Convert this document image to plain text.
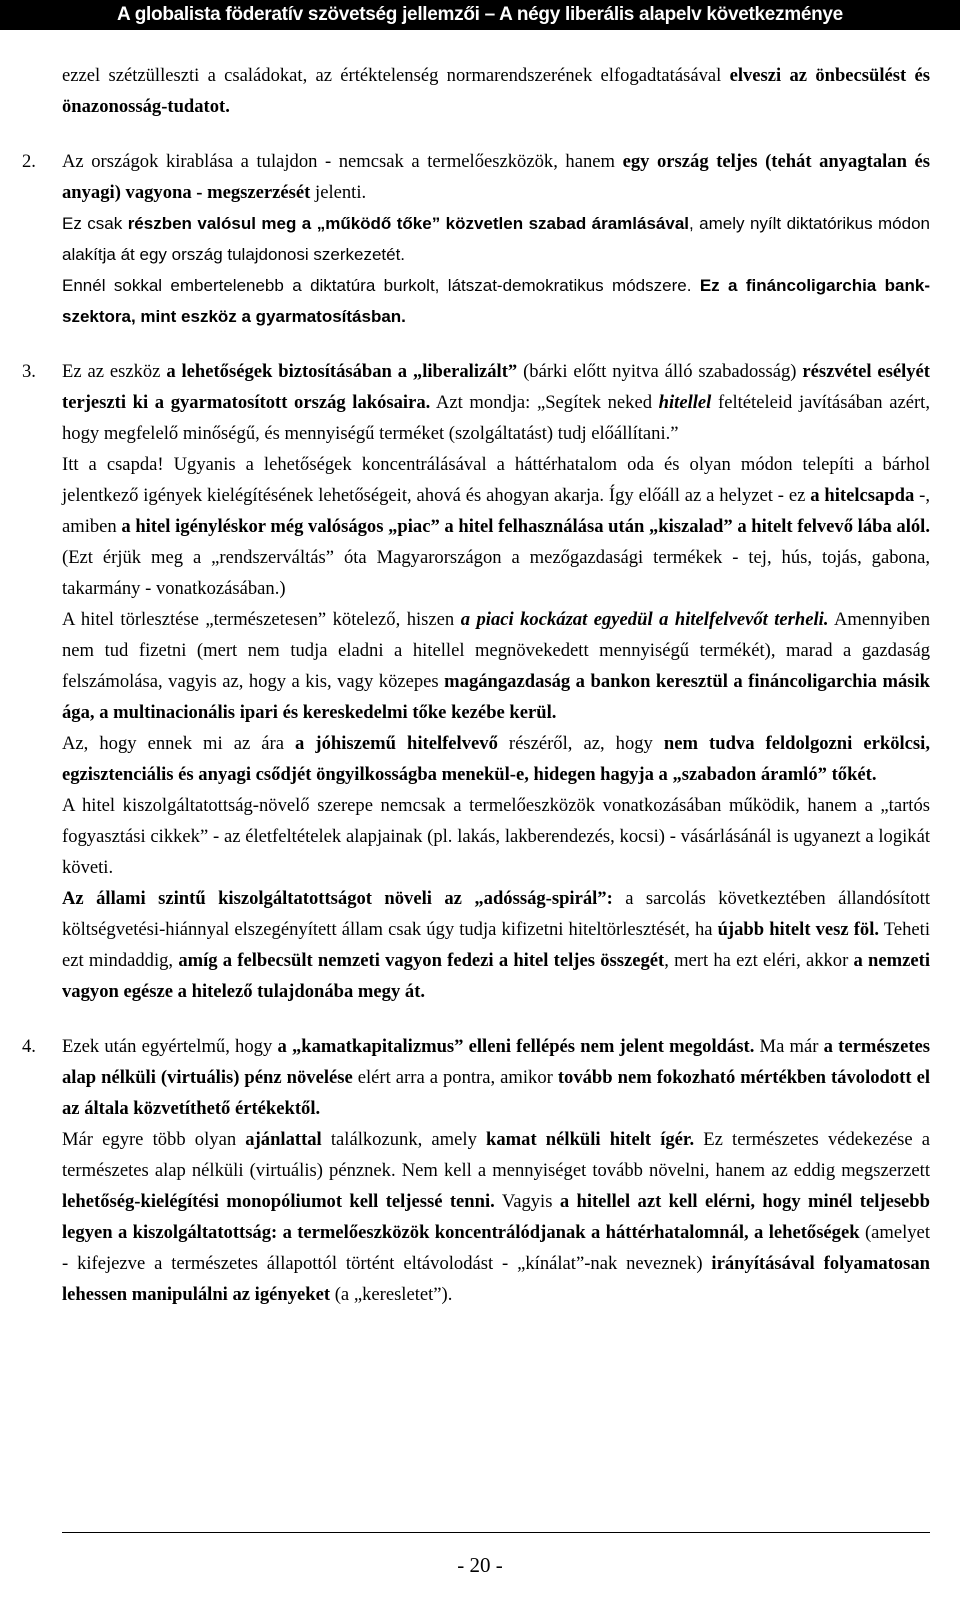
A globalista föderatív szövetség jellemzői – A négy liberális alapelv következménye

ezzel szétzülleszti a családokat, az értéktelenség normarendszerének elfogadtatásával elveszi az önbecsülést és önazonosság-tudatot.

2. Az országok kirablása a tulajdon - nemcsak a termelőeszközök, hanem egy ország teljes (tehát anyagtalan és anyagi) vagyona - megszerzését jelenti.

Ez csak részben valósul meg a „működő tőke” közvetlen szabad áramlásával, amely nyílt diktatórikus módon alakítja át egy ország tulajdonosi szerkezetét.

Ennél sokkal embertelenebb a diktatúra burkolt, látszat-demokratikus módszere. Ez a fináncoligarchia bank-szektora, mint eszköz a gyarmatosításban.

3. Ez az eszköz a lehetőségek biztosításában a „liberalizált” (bárki előtt nyitva álló szabadosság) részvétel esélyét terjeszti ki a gyarmatosított ország lakósaira. Azt mondja: „Segítek neked hitellel feltételeid javításában azért, hogy megfelelő minőségű, és mennyiségű terméket (szolgáltatást) tudj előállítani.”

Itt a csapda! Ugyanis a lehetőségek koncentrálásával a háttérhatalom oda és olyan módon telepíti a bárhol jelentkező igények kielégítésének lehetőségeit, ahová és ahogyan akarja. Így előáll az a helyzet - ez a hitelcsapda -, amiben a hitel igényléskor még valóságos „piac” a hitel felhasználása után „kiszalad” a hitelt felvevő lába alól. (Ezt érjük meg a „rendszerváltás” óta Magyarországon a mezőgazdasági termékek - tej, hús, tojás, gabona, takarmány - vonatkozásában.)

A hitel törlesztése „természetesen” kötelező, hiszen a piaci kockázat egyedül a hitelfelvevőt terheli. Amennyiben nem tud fizetni (mert nem tudja eladni a hitellel megnövekedett mennyiségű termékét), marad a gazdaság felszámolása, vagyis az, hogy a kis, vagy közepes magángazdaság a bankon keresztül a fináncoligarchia másik ága, a multinacionális ipari és kereskedelmi tőke kezébe kerül.

Az, hogy ennek mi az ára a jóhiszemű hitelfelvevő részéről, az, hogy nem tudva feldolgozni erkölcsi, egzisztenciális és anyagi csődjét öngyilkosságba menekül-e, hidegen hagyja a „szabadon áramló” tőkét.

A hitel kiszolgáltatottság-növelő szerepe nemcsak a termelőeszközök vonatkozásában működik, hanem a „tartós fogyasztási cikkek” - az életfeltételek alapjainak (pl. lakás, lakberendezés, kocsi) - vásárlásánál is ugyanezt a logikát követi.

Az állami szintű kiszolgáltatottságot növeli az „adósság-spirál”: a sarcolás következtében állandósított költségvetési-hiánnyal elszegényített állam csak úgy tudja kifizetni hiteltörlesztését, ha újabb hitelt vesz föl. Teheti ezt mindaddig, amíg a felbecsült nemzeti vagyon fedezi a hitel teljes összegét, mert ha ezt eléri, akkor a nemzeti vagyon egésze a hitelező tulajdonába megy át.

4. Ezek után egyértelmű, hogy a „kamatkapitalizmus” elleni fellépés nem jelent megoldást. Ma már a természetes alap nélküli (virtuális) pénz növelése elért arra a pontra, amikor tovább nem fokozható mértékben távolodott el az általa közvetíthető értékektől.

Már egyre több olyan ajánlattal találkozunk, amely kamat nélküli hitelt ígér. Ez természetes védekezése a természetes alap nélküli (virtuális) pénznek. Nem kell a mennyiséget tovább növelni, hanem az eddig megszerzett lehetőség-kielégítési monopóliumot kell teljessé tenni. Vagyis a hitellel azt kell elérni, hogy minél teljesebb legyen a kiszolgáltatottság: a termelőeszközök koncentrálódjanak a háttérhatalomnál, a lehetőségek (amelyet - kifejezve a természetes állapottól történt eltávolodást - „kínálat”-nak neveznek) irányításával folyamatosan lehessen manipulálni az igényeket (a „keresletet”).

- 20 -
